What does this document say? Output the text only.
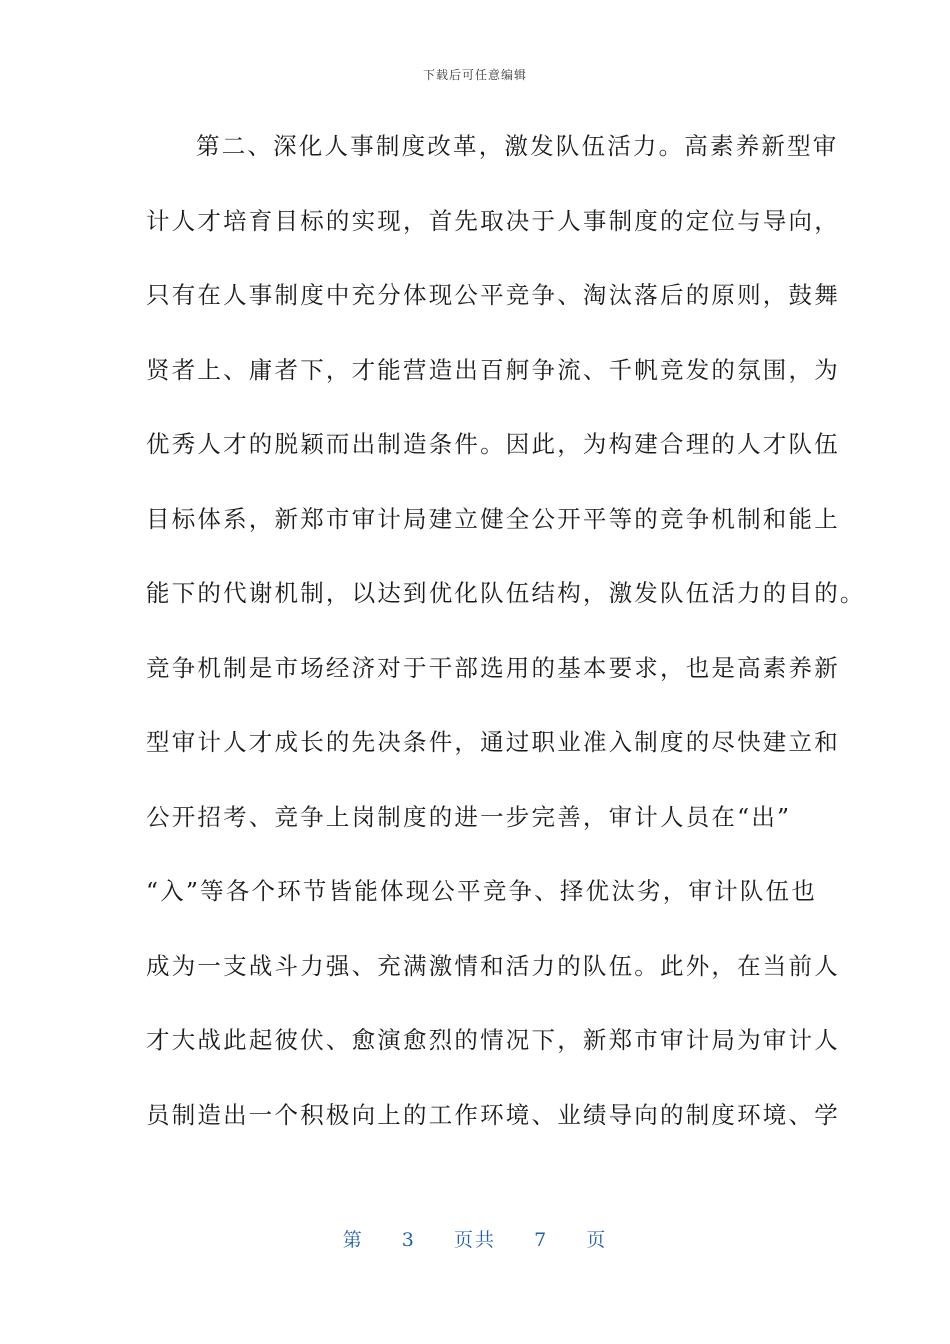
下载后可任意编辑
第二、深化人事制度改革，激发队伍活力。高素养新型审
计人才培育目标的实现，首先取决于人事制度的定位与导向，
只有在人事制度中充分体现公平竞争、淘汰落后的原则，鼓舞
贤者上、庸者下，才能营造出百舸争流、千帆竞发的氛围，为
优秀人才的脱颖而出制造条件。因此，为构建合理的人才队伍
目标体系，新郑市审计局建立健全公开平等的竞争机制和能上
能下的代谢机制，以达到优化队伍结构，激发队伍活力的目的。
竞争机制是市场经济对于干部选用的基本要求，也是高素养新
型审计人才成长的先决条件，通过职业准入制度的尽快建立和
公开招考、竞争上岗制度的进一步完善，审计人员在“出”
“入”等各个环节皆能体现公平竞争、择优汰劣，审计队伍也
成为一支战斗力强、充满激情和活力的队伍。此外，在当前人
才大战此起彼伏、愈演愈烈的情况下，新郑市审计局为审计人
员制造出一个积极向上的工作环境、业绩导向的制度环境、学
第 3 页共 7 页
